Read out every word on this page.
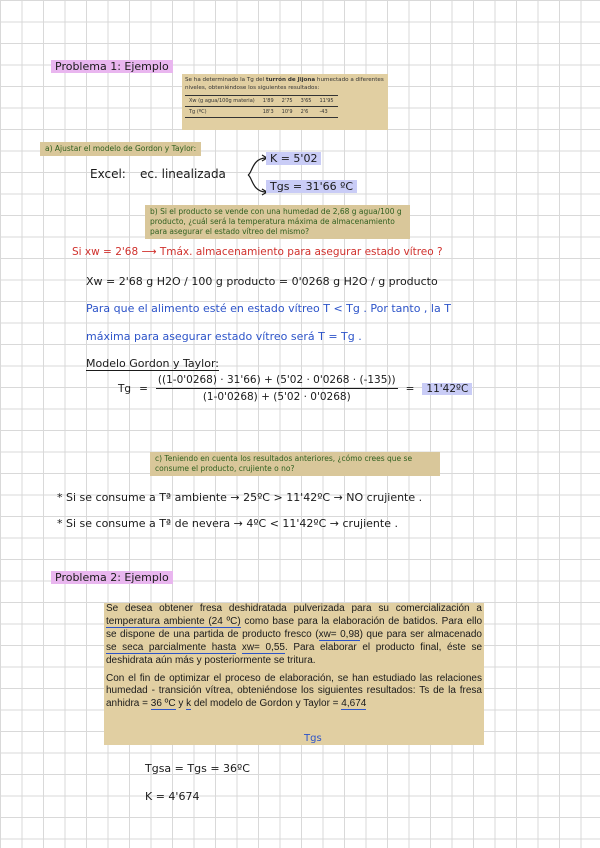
Problema 1: Ejemplo
Se ha determinado la Tg del turrón de Jijona humectado a diferentes niveles, obteniéndose los siguientes resultados:
Xw (g agua/100g materia)	1'89	2'75	3'65	11'95
Tg (ºC)	18'3	10'9	2'6	-43
a) Ajustar el modelo de Gordon y Taylor:
Excel: ec. linealizada
K = 5'02
Tgs = 31'66 ºC
b) Si el producto se vende con una humedad de 2,68 g agua/100 g producto, ¿cuál será la temperatura máxima de almacenamiento para asegurar el estado vítreo del mismo?
Si xw = 2'68 ⟶ Tmáx. almacenamiento para asegurar estado vítreo ?
Xw = 2'68 g H2O / 100 g producto = 0'0268 g H2O / g producto
Para que el alimento esté en estado vítreo T < Tg . Por tanto , la T
máxima para asegurar estado vítreo será T = Tg .
Modelo Gordon y Taylor:
$Tg = \frac{((1-0'0268) \cdot 31'66) + (5'02 \cdot 0'0268 \cdot (-135))}{(1-0'0268) + (5'02 \cdot 0'0268)}$ =	11'42ºC
c) Teniendo en cuenta los resultados anteriores, ¿cómo crees que se consume el producto, crujiente o no?
* Si se consume a Tª ambiente → 25ºC > 11'42ºC → NO crujiente .
* Si se consume a Tª de nevera → 4ºC < 11'42ºC → crujiente .
Problema 2: Ejemplo

Se desea obtener fresa deshidratada pulverizada para su comercialización a temperatura ambiente (24 ºC) como base para la elaboración de batidos. Para ello se dispone de una partida de producto fresco (xw= 0,98) que para ser almacenado se seca parcialmente hasta xw= 0,55. Para elaborar el producto final, éste se deshidrata aún más y posteriormente se tritura.

Con el fin de optimizar el proceso de elaboración, se han estudiado las relaciones humedad - transición vítrea, obteniéndose los siguientes resultados: Ts de la fresa anhidra = 36 ºC y k del modelo de Gordon y Taylor = 4,674

Tgs
Tgsa = Tgs = 36ºC
K = 4'674
